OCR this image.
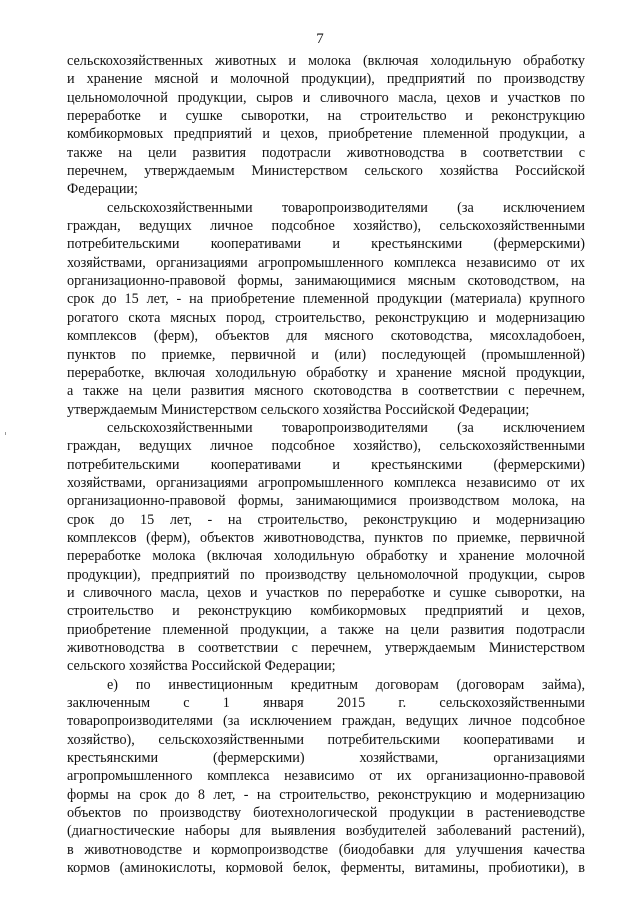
7
сельскохозяйственных животных и молока (включая холодильную обработку
и хранение мясной и молочной продукции), предприятий по производству
цельномолочной продукции, сыров и сливочного масла, цехов и участков по
переработке и сушке сыворотки, на строительство и реконструкцию
комбикормовых предприятий и цехов, приобретение племенной продукции, а
также на цели развития подотрасли животноводства в соответствии с
перечнем, утверждаемым Министерством сельского хозяйства Российской
Федерации;
сельскохозяйственными товаропроизводителями (за исключением
граждан, ведущих личное подсобное хозяйство), сельскохозяйственными
потребительскими кооперативами и крестьянскими (фермерскими)
хозяйствами, организациями агропромышленного комплекса независимо от их
организационно-правовой формы, занимающимися мясным скотоводством, на
срок до 15 лет, - на приобретение племенной продукции (материала) крупного
рогатого скота мясных пород, строительство, реконструкцию и модернизацию
комплексов (ферм), объектов для мясного скотоводства, мясохладобоен,
пунктов по приемке, первичной и (или) последующей (промышленной)
переработке, включая холодильную обработку и хранение мясной продукции,
а также на цели развития мясного скотоводства в соответствии с перечнем,
утверждаемым Министерством сельского хозяйства Российской Федерации;
сельскохозяйственными товаропроизводителями (за исключением
граждан, ведущих личное подсобное хозяйство), сельскохозяйственными
потребительскими кооперативами и крестьянскими (фермерскими)
хозяйствами, организациями агропромышленного комплекса независимо от их
организационно-правовой формы, занимающимися производством молока, на
срок до 15 лет, - на строительство, реконструкцию и модернизацию
комплексов (ферм), объектов животноводства, пунктов по приемке, первичной
переработке молока (включая холодильную обработку и хранение молочной
продукции), предприятий по производству цельномолочной продукции, сыров
и сливочного масла, цехов и участков по переработке и сушке сыворотки, на
строительство и реконструкцию комбикормовых предприятий и цехов,
приобретение племенной продукции, а также на цели развития подотрасли
животноводства в соответствии с перечнем, утверждаемым Министерством
сельского хозяйства Российской Федерации;
е) по инвестиционным кредитным договорам (договорам займа),
заключенным с 1 января 2015 г. сельскохозяйственными
товаропроизводителями (за исключением граждан, ведущих личное подсобное
хозяйство), сельскохозяйственными потребительскими кооперативами и
крестьянскими (фермерскими) хозяйствами, организациями
агропромышленного комплекса независимо от их организационно-правовой
формы на срок до 8 лет, - на строительство, реконструкцию и модернизацию
объектов по производству биотехнологической продукции в растениеводстве
(диагностические наборы для выявления возбудителей заболеваний растений),
в животноводстве и кормопроизводстве (биодобавки для улучшения качества
кормов (аминокислоты, кормовой белок, ферменты, витамины, пробиотики), в
